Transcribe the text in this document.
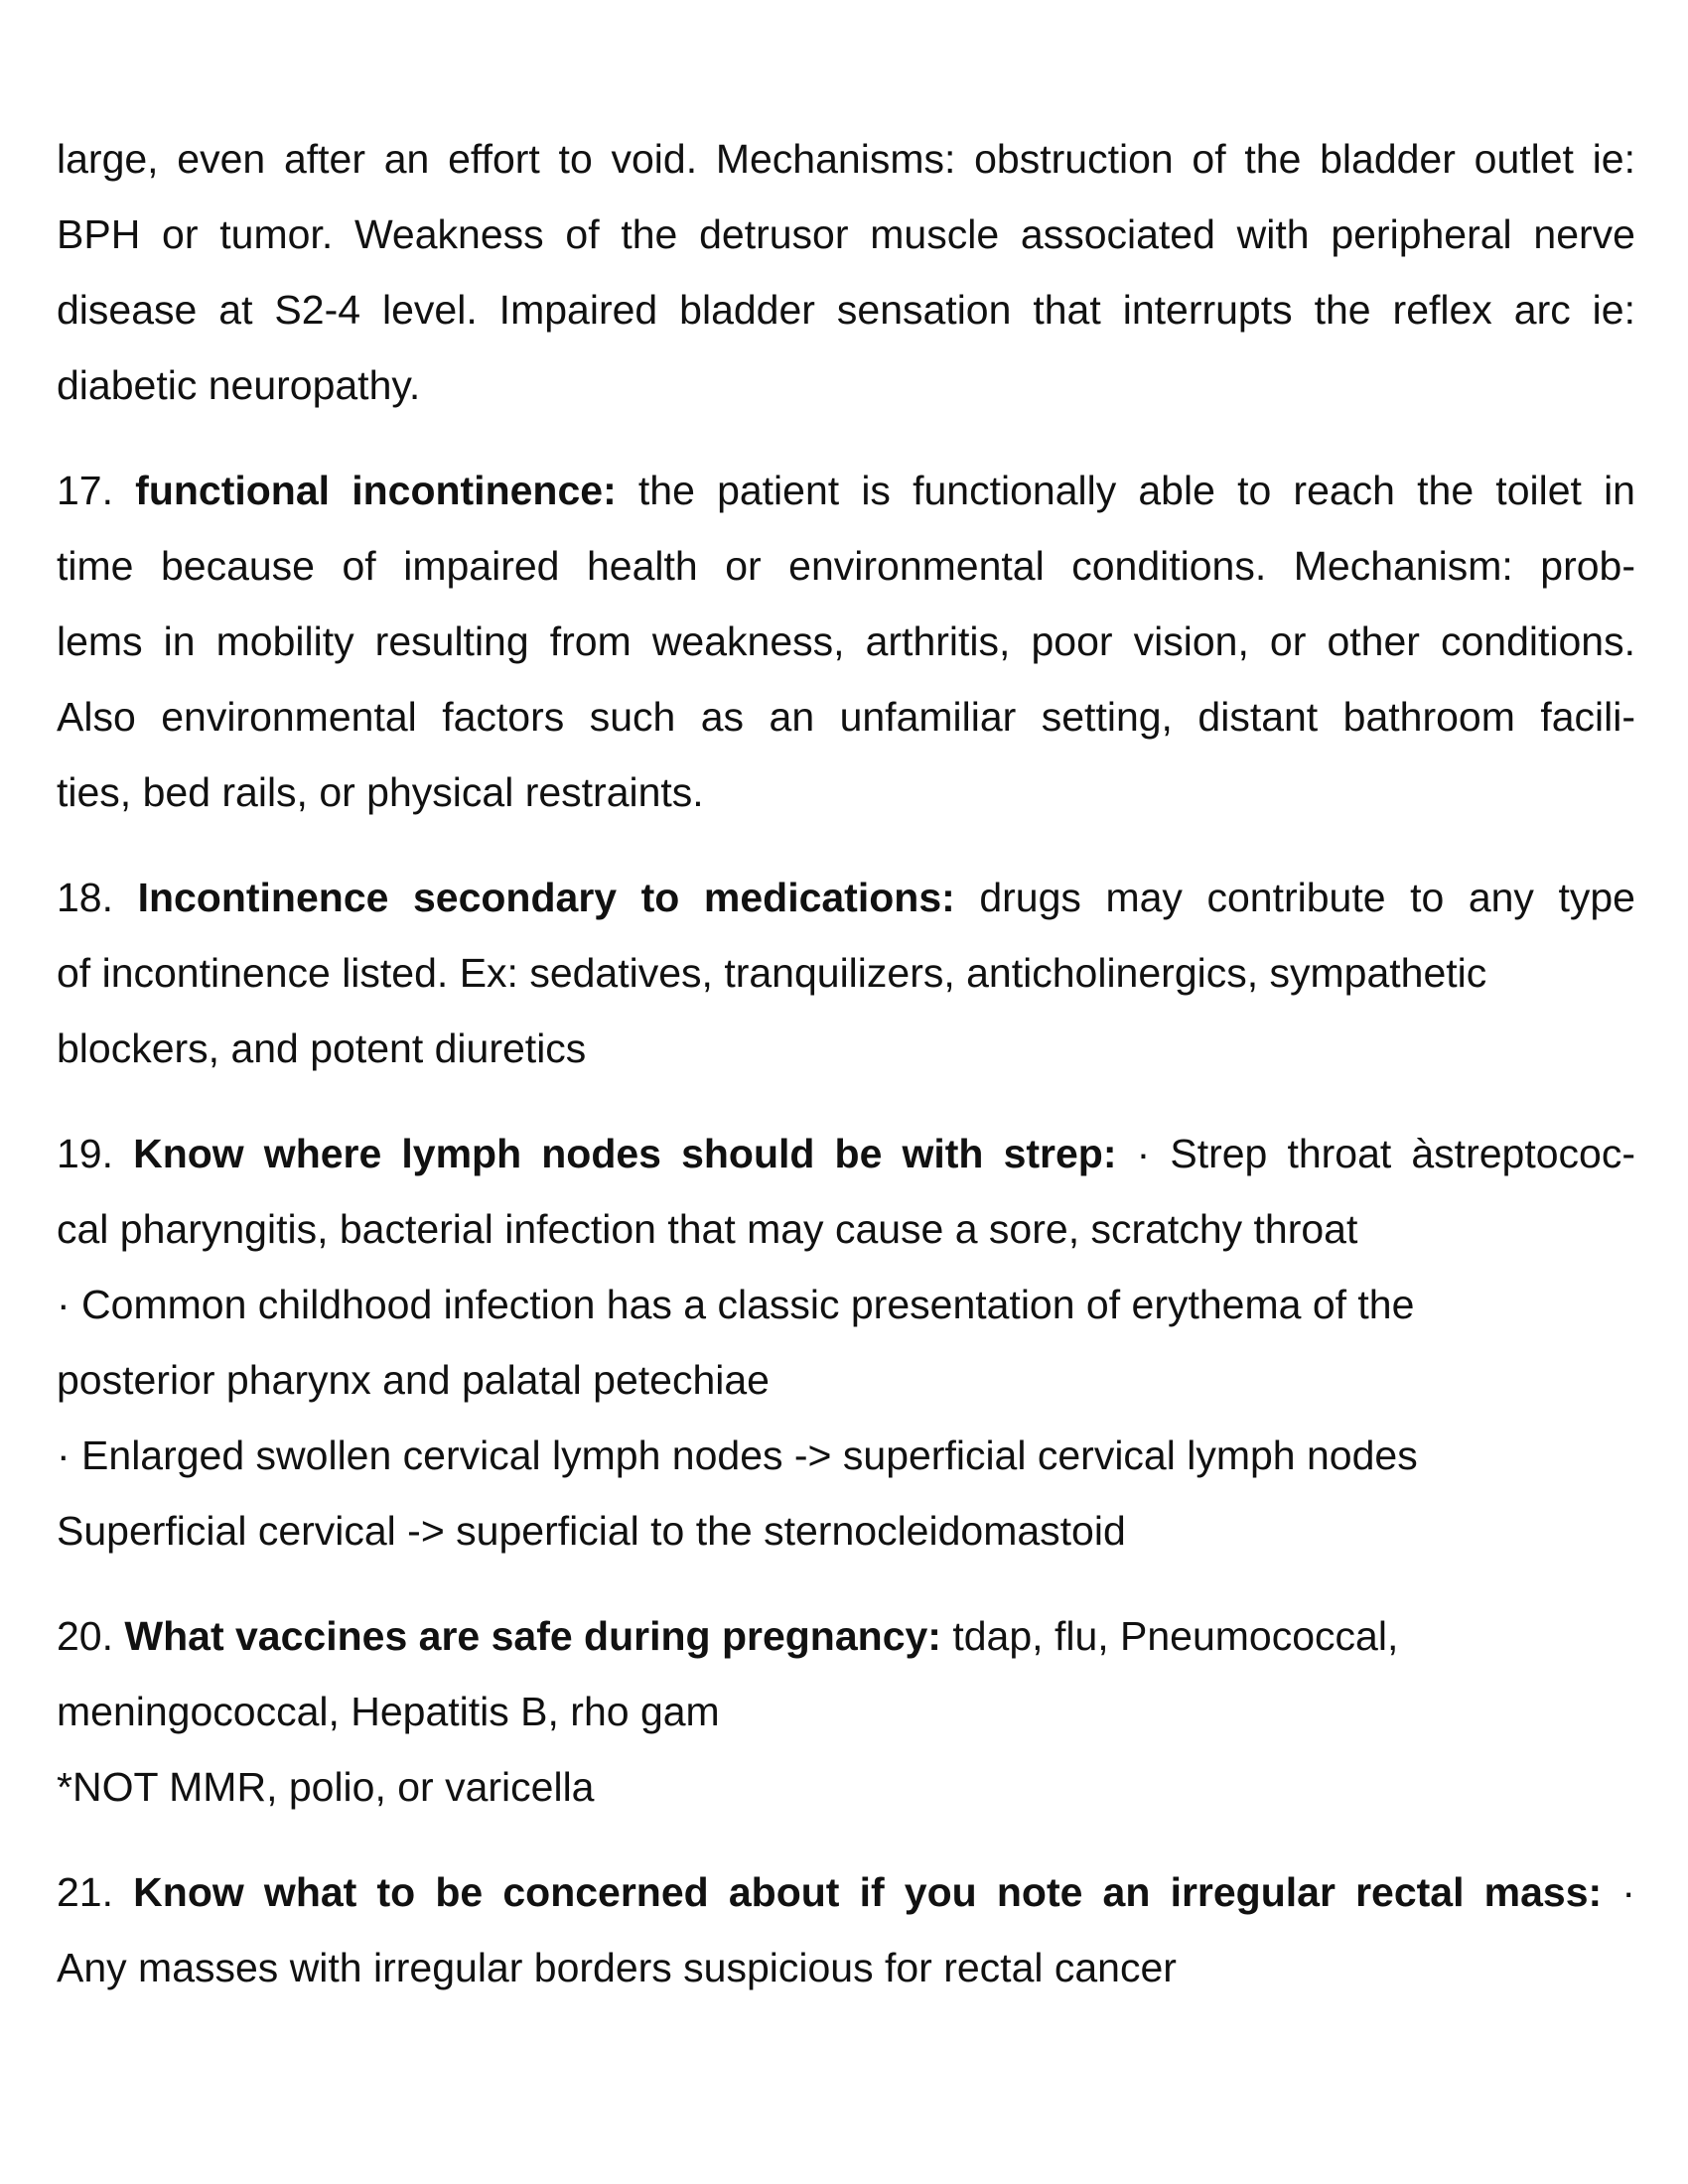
large, even after an effort to void. Mechanisms: obstruction of the bladder outlet ie:
BPH or tumor. Weakness of the detrusor muscle associated with peripheral nerve
disease at S2-4 level. Impaired bladder sensation that interrupts the reflex arc ie:
diabetic neuropathy.
17. functional incontinence: the patient is functionally able to reach the toilet in
time because of impaired health or environmental conditions. Mechanism: prob-
lems in mobility resulting from weakness, arthritis, poor vision, or other conditions.
Also environmental factors such as an unfamiliar setting, distant bathroom facili-
ties, bed rails, or physical restraints.
18. Incontinence secondary to medications: drugs may contribute to any type
of incontinence listed. Ex: sedatives, tranquilizers, anticholinergics, sympathetic
blockers, and potent diuretics
19. Know where lymph nodes should be with strep: · Strep throat àstreptococ-
cal pharyngitis, bacterial infection that may cause a sore, scratchy throat
· Common childhood infection has a classic presentation of erythema of the
posterior pharynx and palatal petechiae
· Enlarged swollen cervical lymph nodes -> superficial cervical lymph nodes
Superficial cervical -> superficial to the sternocleidomastoid
20. What vaccines are safe during pregnancy: tdap, flu, Pneumococcal,
meningococcal, Hepatitis B, rho gam
*NOT MMR, polio, or varicella
21. Know what to be concerned about if you note an irregular rectal mass: ·
Any masses with irregular borders suspicious for rectal cancer
